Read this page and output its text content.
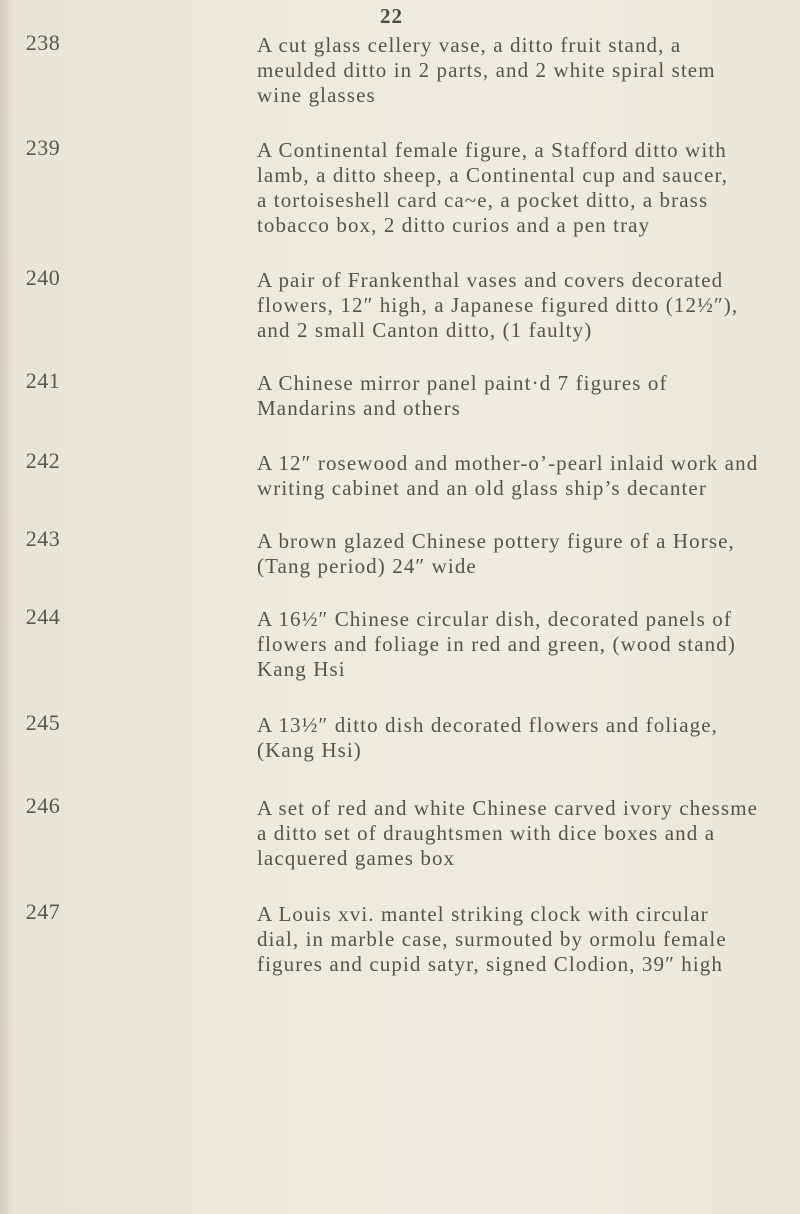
22
238	A cut glass cellery vase, a ditto fruit stand, a
meulded ditto in 2 parts, and 2 white spiral stem
wine glasses
239	A Continental female figure, a Stafford ditto with
lamb, a ditto sheep, a Continental cup and saucer,
a tortoiseshell card ca~e, a pocket ditto, a brass
tobacco box, 2 ditto curios and a pen tray
240	A pair of Frankenthal vases and covers decorated
flowers, 12″ high, a Japanese figured ditto (12½″),
and 2 small Canton ditto, (1 faulty)
241	A Chinese mirror panel paint·d 7 figures of
Mandarins and others
242	A 12″ rosewood and mother-o’-pearl inlaid work and
writing cabinet and an old glass ship’s decanter
243	A brown glazed Chinese pottery figure of a Horse,
(Tang period) 24″ wide
244	A 16½″ Chinese circular dish, decorated panels of
flowers and foliage in red and green, (wood stand)
Kang Hsi
245	A 13½″ ditto dish decorated flowers and foliage,
(Kang Hsi)
246	A set of red and white Chinese carved ivory chessme
a ditto set of draughtsmen with dice boxes and a
lacquered games box
247	A Louis xvi. mantel striking clock with circular
dial, in marble case, surmouted by ormolu female
figures and cupid satyr, signed Clodion, 39″ high
